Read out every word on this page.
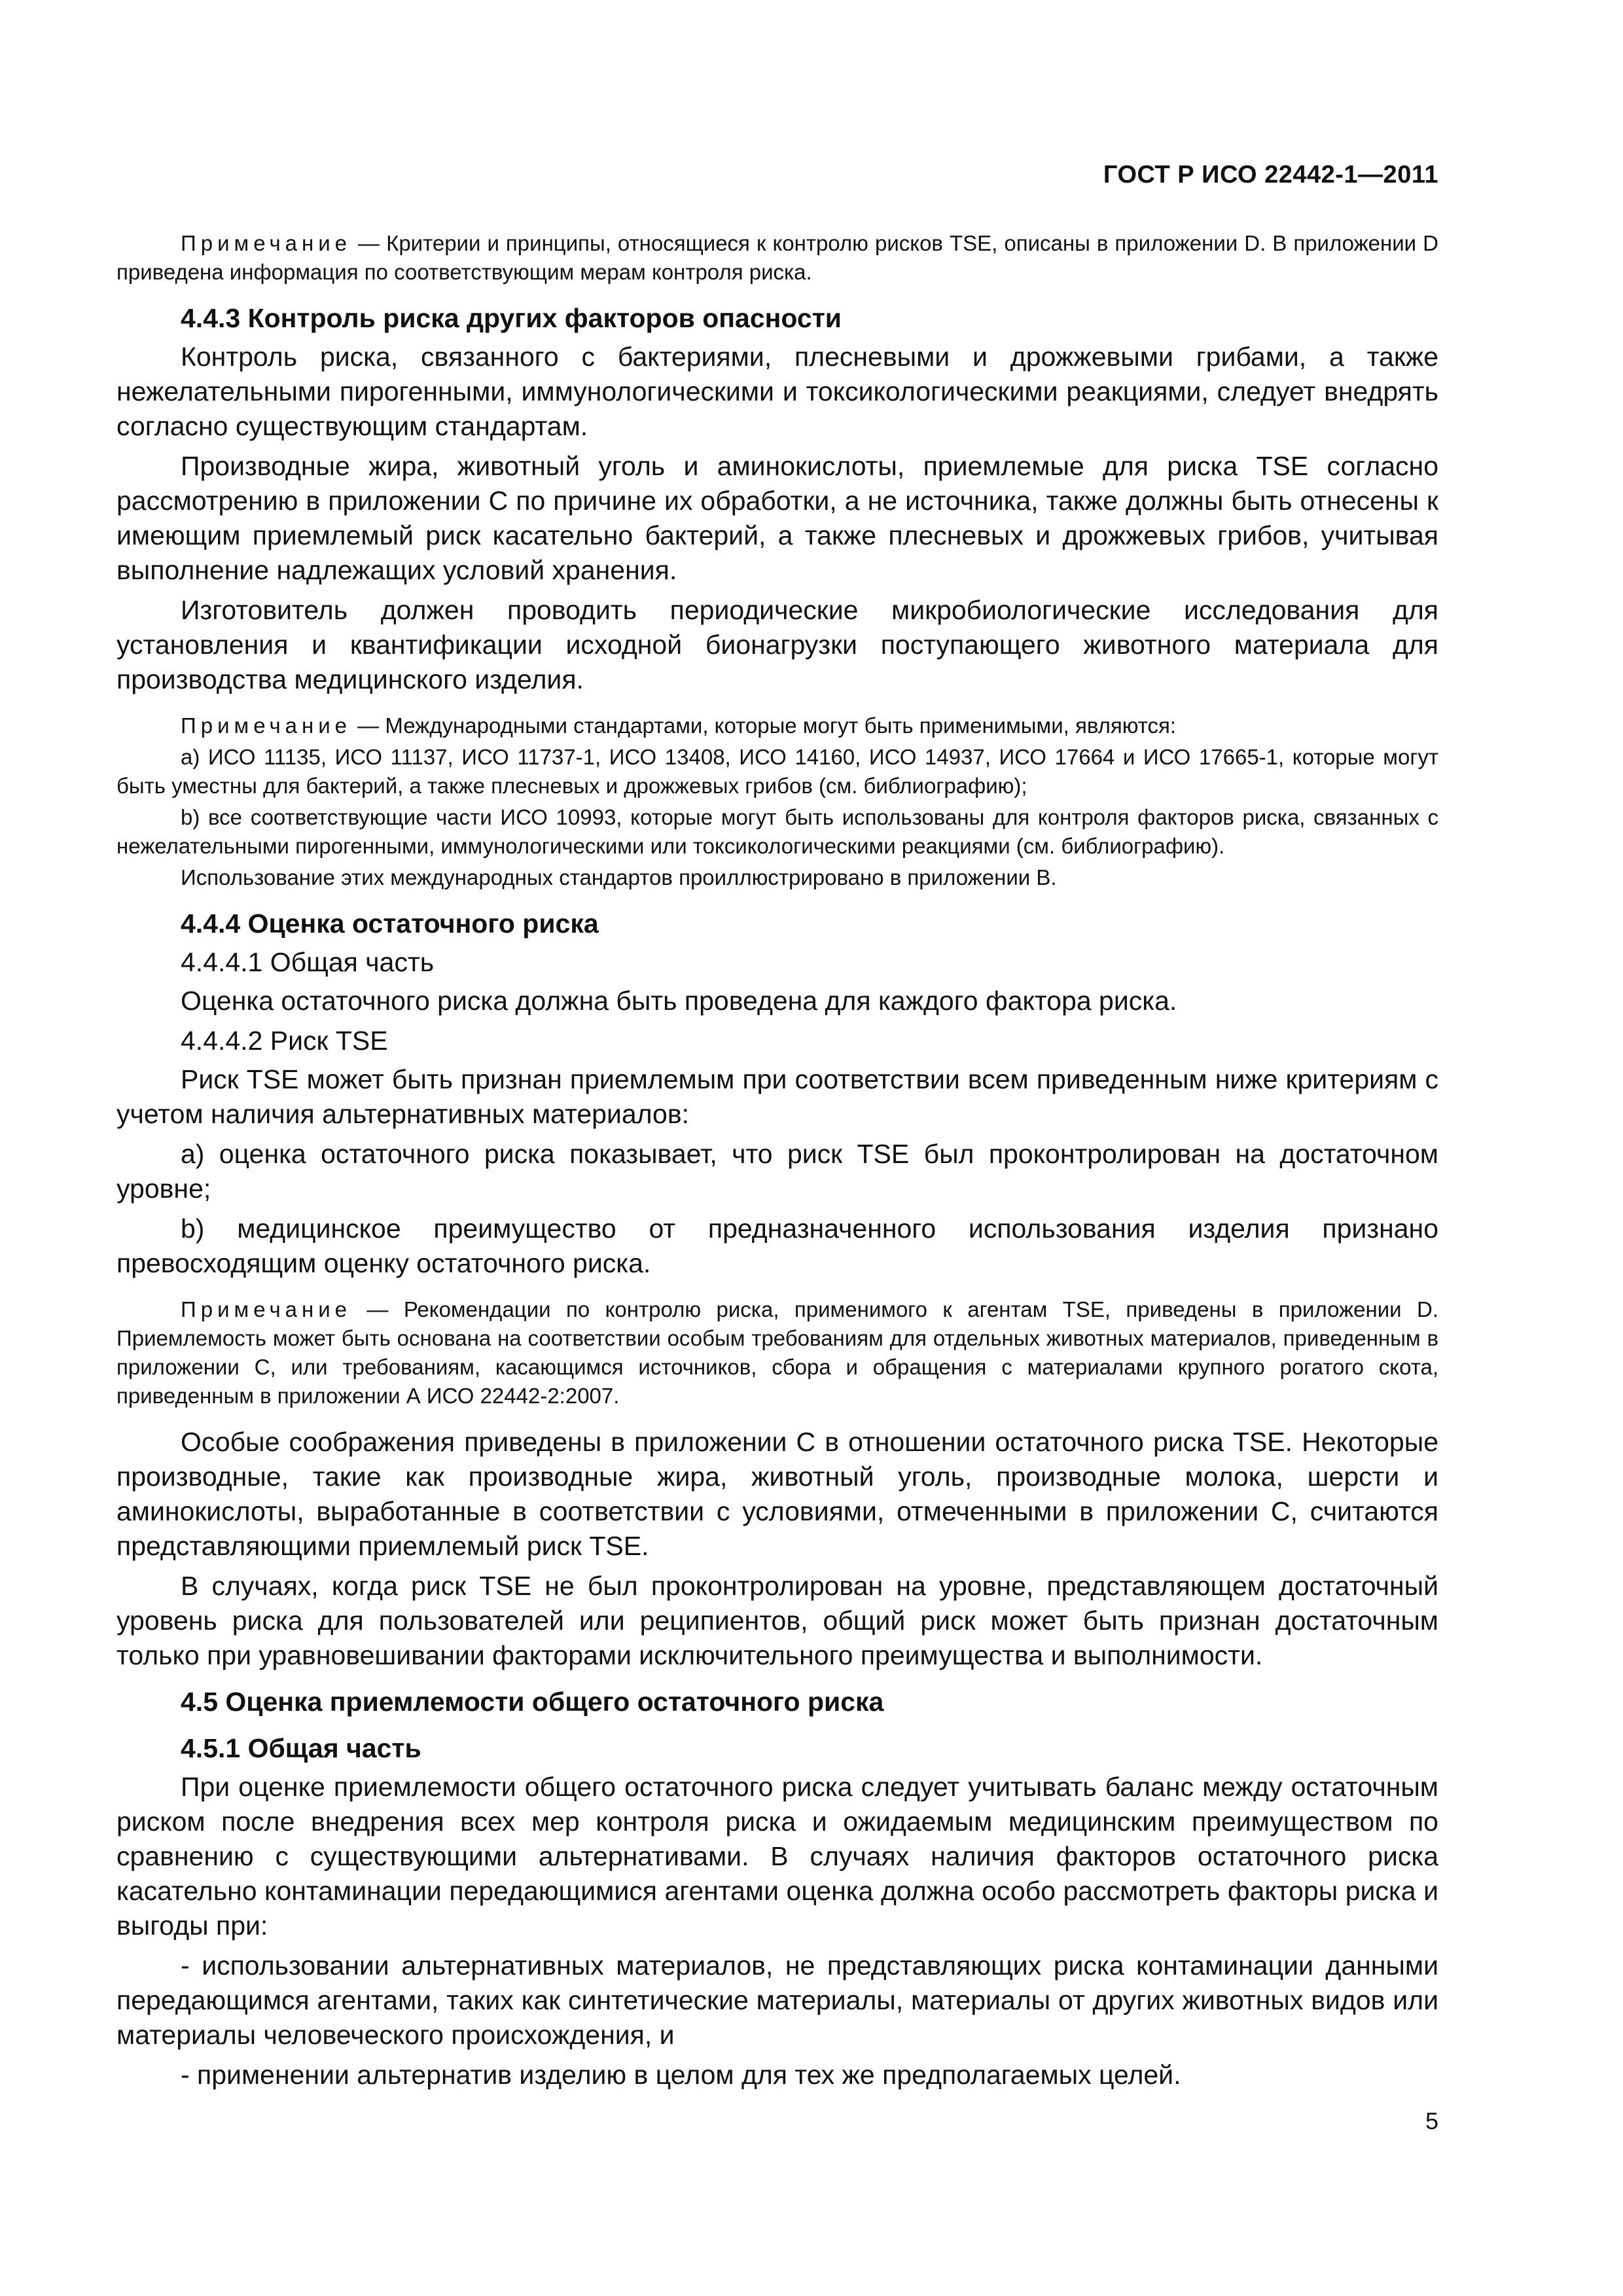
ГОСТ Р ИСО 22442-1—2011

Примечание — Критерии и принципы, относящиеся к контролю рисков TSE, описаны в приложении D. В приложении D приведена информация по соответствующим мерам контроля риска.

4.4.3 Контроль риска других факторов опасности

Контроль риска, связанного с бактериями, плесневыми и дрожжевыми грибами, а также нежелательными пирогенными, иммунологическими и токсикологическими реакциями, следует внедрять согласно существующим стандартам.

Производные жира, животный уголь и аминокислоты, приемлемые для риска TSE согласно рассмотрению в приложении С по причине их обработки, а не источника, также должны быть отнесены к имеющим приемлемый риск касательно бактерий, а также плесневых и дрожжевых грибов, учитывая выполнение надлежащих условий хранения.

Изготовитель должен проводить периодические микробиологические исследования для установления и квантификации исходной бионагрузки поступающего животного материала для производства медицинского изделия.

Примечание — Международными стандартами, которые могут быть применимыми, являются:

a) ИСО 11135, ИСО 11137, ИСО 11737-1, ИСО 13408, ИСО 14160, ИСО 14937, ИСО 17664 и ИСО 17665-1, которые могут быть уместны для бактерий, а также плесневых и дрожжевых грибов (см. библиографию);

b) все соответствующие части ИСО 10993, которые могут быть использованы для контроля факторов риска, связанных с нежелательными пирогенными, иммунологическими или токсикологическими реакциями (см. библиографию).

Использование этих международных стандартов проиллюстрировано в приложении В.

4.4.4 Оценка остаточного риска

4.4.4.1 Общая часть

Оценка остаточного риска должна быть проведена для каждого фактора риска.

4.4.4.2 Риск TSE

Риск TSE может быть признан приемлемым при соответствии всем приведенным ниже критериям с учетом наличия альтернативных материалов:

a) оценка остаточного риска показывает, что риск TSE был проконтролирован на достаточном уровне;

b) медицинское преимущество от предназначенного использования изделия признано превосходящим оценку остаточного риска.

Примечание — Рекомендации по контролю риска, применимого к агентам TSE, приведены в приложении D. Приемлемость может быть основана на соответствии особым требованиям для отдельных животных материалов, приведенным в приложении С, или требованиям, касающимся источников, сбора и обращения с материалами крупного рогатого скота, приведенным в приложении А ИСО 22442-2:2007.

Особые соображения приведены в приложении С в отношении остаточного риска TSE. Некоторые производные, такие как производные жира, животный уголь, производные молока, шерсти и аминокислоты, выработанные в соответствии с условиями, отмеченными в приложении С, считаются представляющими приемлемый риск TSE.

В случаях, когда риск TSE не был проконтролирован на уровне, представляющем достаточный уровень риска для пользователей или реципиентов, общий риск может быть признан достаточным только при уравновешивании факторами исключительного преимущества и выполнимости.

4.5 Оценка приемлемости общего остаточного риска

4.5.1 Общая часть

При оценке приемлемости общего остаточного риска следует учитывать баланс между остаточным риском после внедрения всех мер контроля риска и ожидаемым медицинским преимуществом по сравнению с существующими альтернативами. В случаях наличия факторов остаточного риска касательно контаминации передающимися агентами оценка должна особо рассмотреть факторы риска и выгоды при:

- использовании альтернативных материалов, не представляющих риска контаминации данными передающимся агентами, таких как синтетические материалы, материалы от других животных видов или материалы человеческого происхождения, и

- применении альтернатив изделию в целом для тех же предполагаемых целей.

5
